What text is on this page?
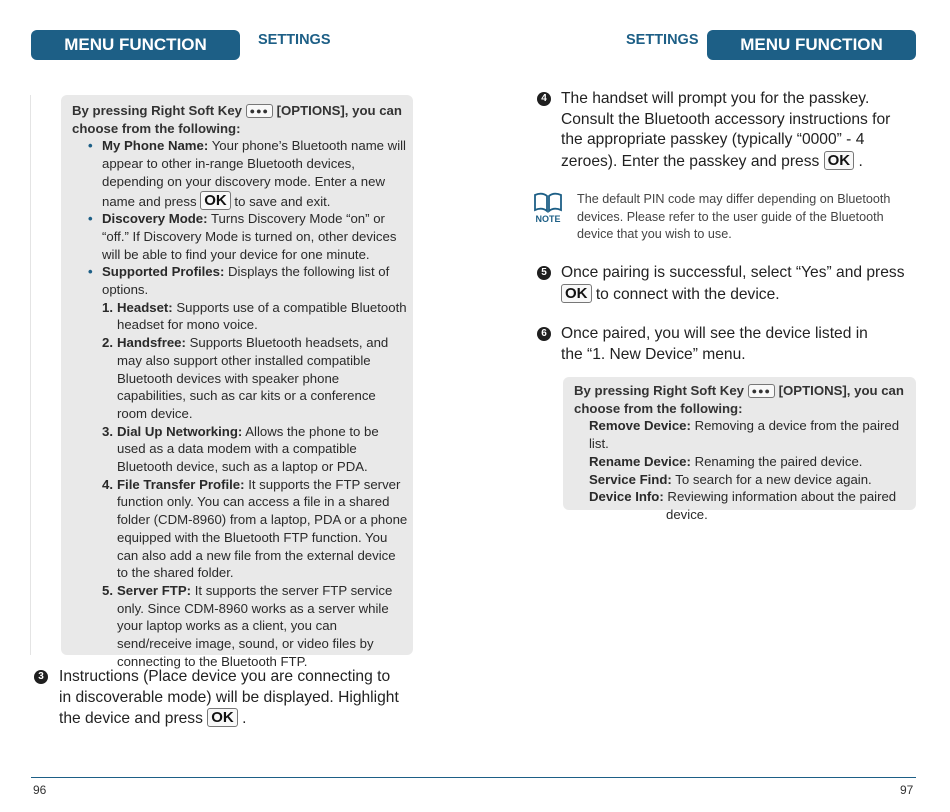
MENU FUNCTION	SETTINGS	SETTINGS	MENU FUNCTION
By pressing Right Soft Key ●●● [OPTIONS], you can choose from the following:
• My Phone Name: Your phone’s Bluetooth name will appear to other in-range Bluetooth devices, depending on your discovery mode. Enter a new name and press OK to save and exit.
• Discovery Mode: Turns Discovery Mode “on” or “off.” If Discovery Mode is turned on, other devices will be able to find your device for one minute.
• Supported Profiles: Displays the following list of options.
1. Headset: Supports use of a compatible Bluetooth headset for mono voice.
2. Handsfree: Supports Bluetooth headsets, and may also support other installed compatible Bluetooth devices with speaker phone capabilities, such as car kits or a conference room device.
3. Dial Up Networking: Allows the phone to be used as a data modem with a compatible Bluetooth device, such as a laptop or PDA.
4. File Transfer Profile: It supports the FTP server function only. You can access a file in a shared folder (CDM-8960) from a laptop, PDA or a phone equipped with the Bluetooth FTP function. You can also add a new file from the external device to the shared folder.
5. Server FTP: It supports the server FTP service only. Since CDM-8960 works as a server while your laptop works as a client, you can send/receive image, sound, or video files by connecting to the Bluetooth FTP.
3 Instructions (Place device you are connecting to in discoverable mode) will be displayed. Highlight the device and press OK .
4 The handset will prompt you for the passkey. Consult the Bluetooth accessory instructions for the appropriate passkey (typically “0000” - 4 zeroes). Enter the passkey and press OK .
NOTE
The default PIN code may differ depending on Bluetooth devices. Please refer to the user guide of the Bluetooth device that you wish to use.
5 Once pairing is successful, select “Yes” and press OK to connect with the device.
6 Once paired, you will see the device listed in the “1. New Device” menu.
By pressing Right Soft Key ●●● [OPTIONS], you can choose from the following:
Remove Device: Removing a device from the paired list.
Rename Device: Renaming the paired device.
Service Find: To search for a new device again.
Device Info: Reviewing information about the paired device.
96	97
